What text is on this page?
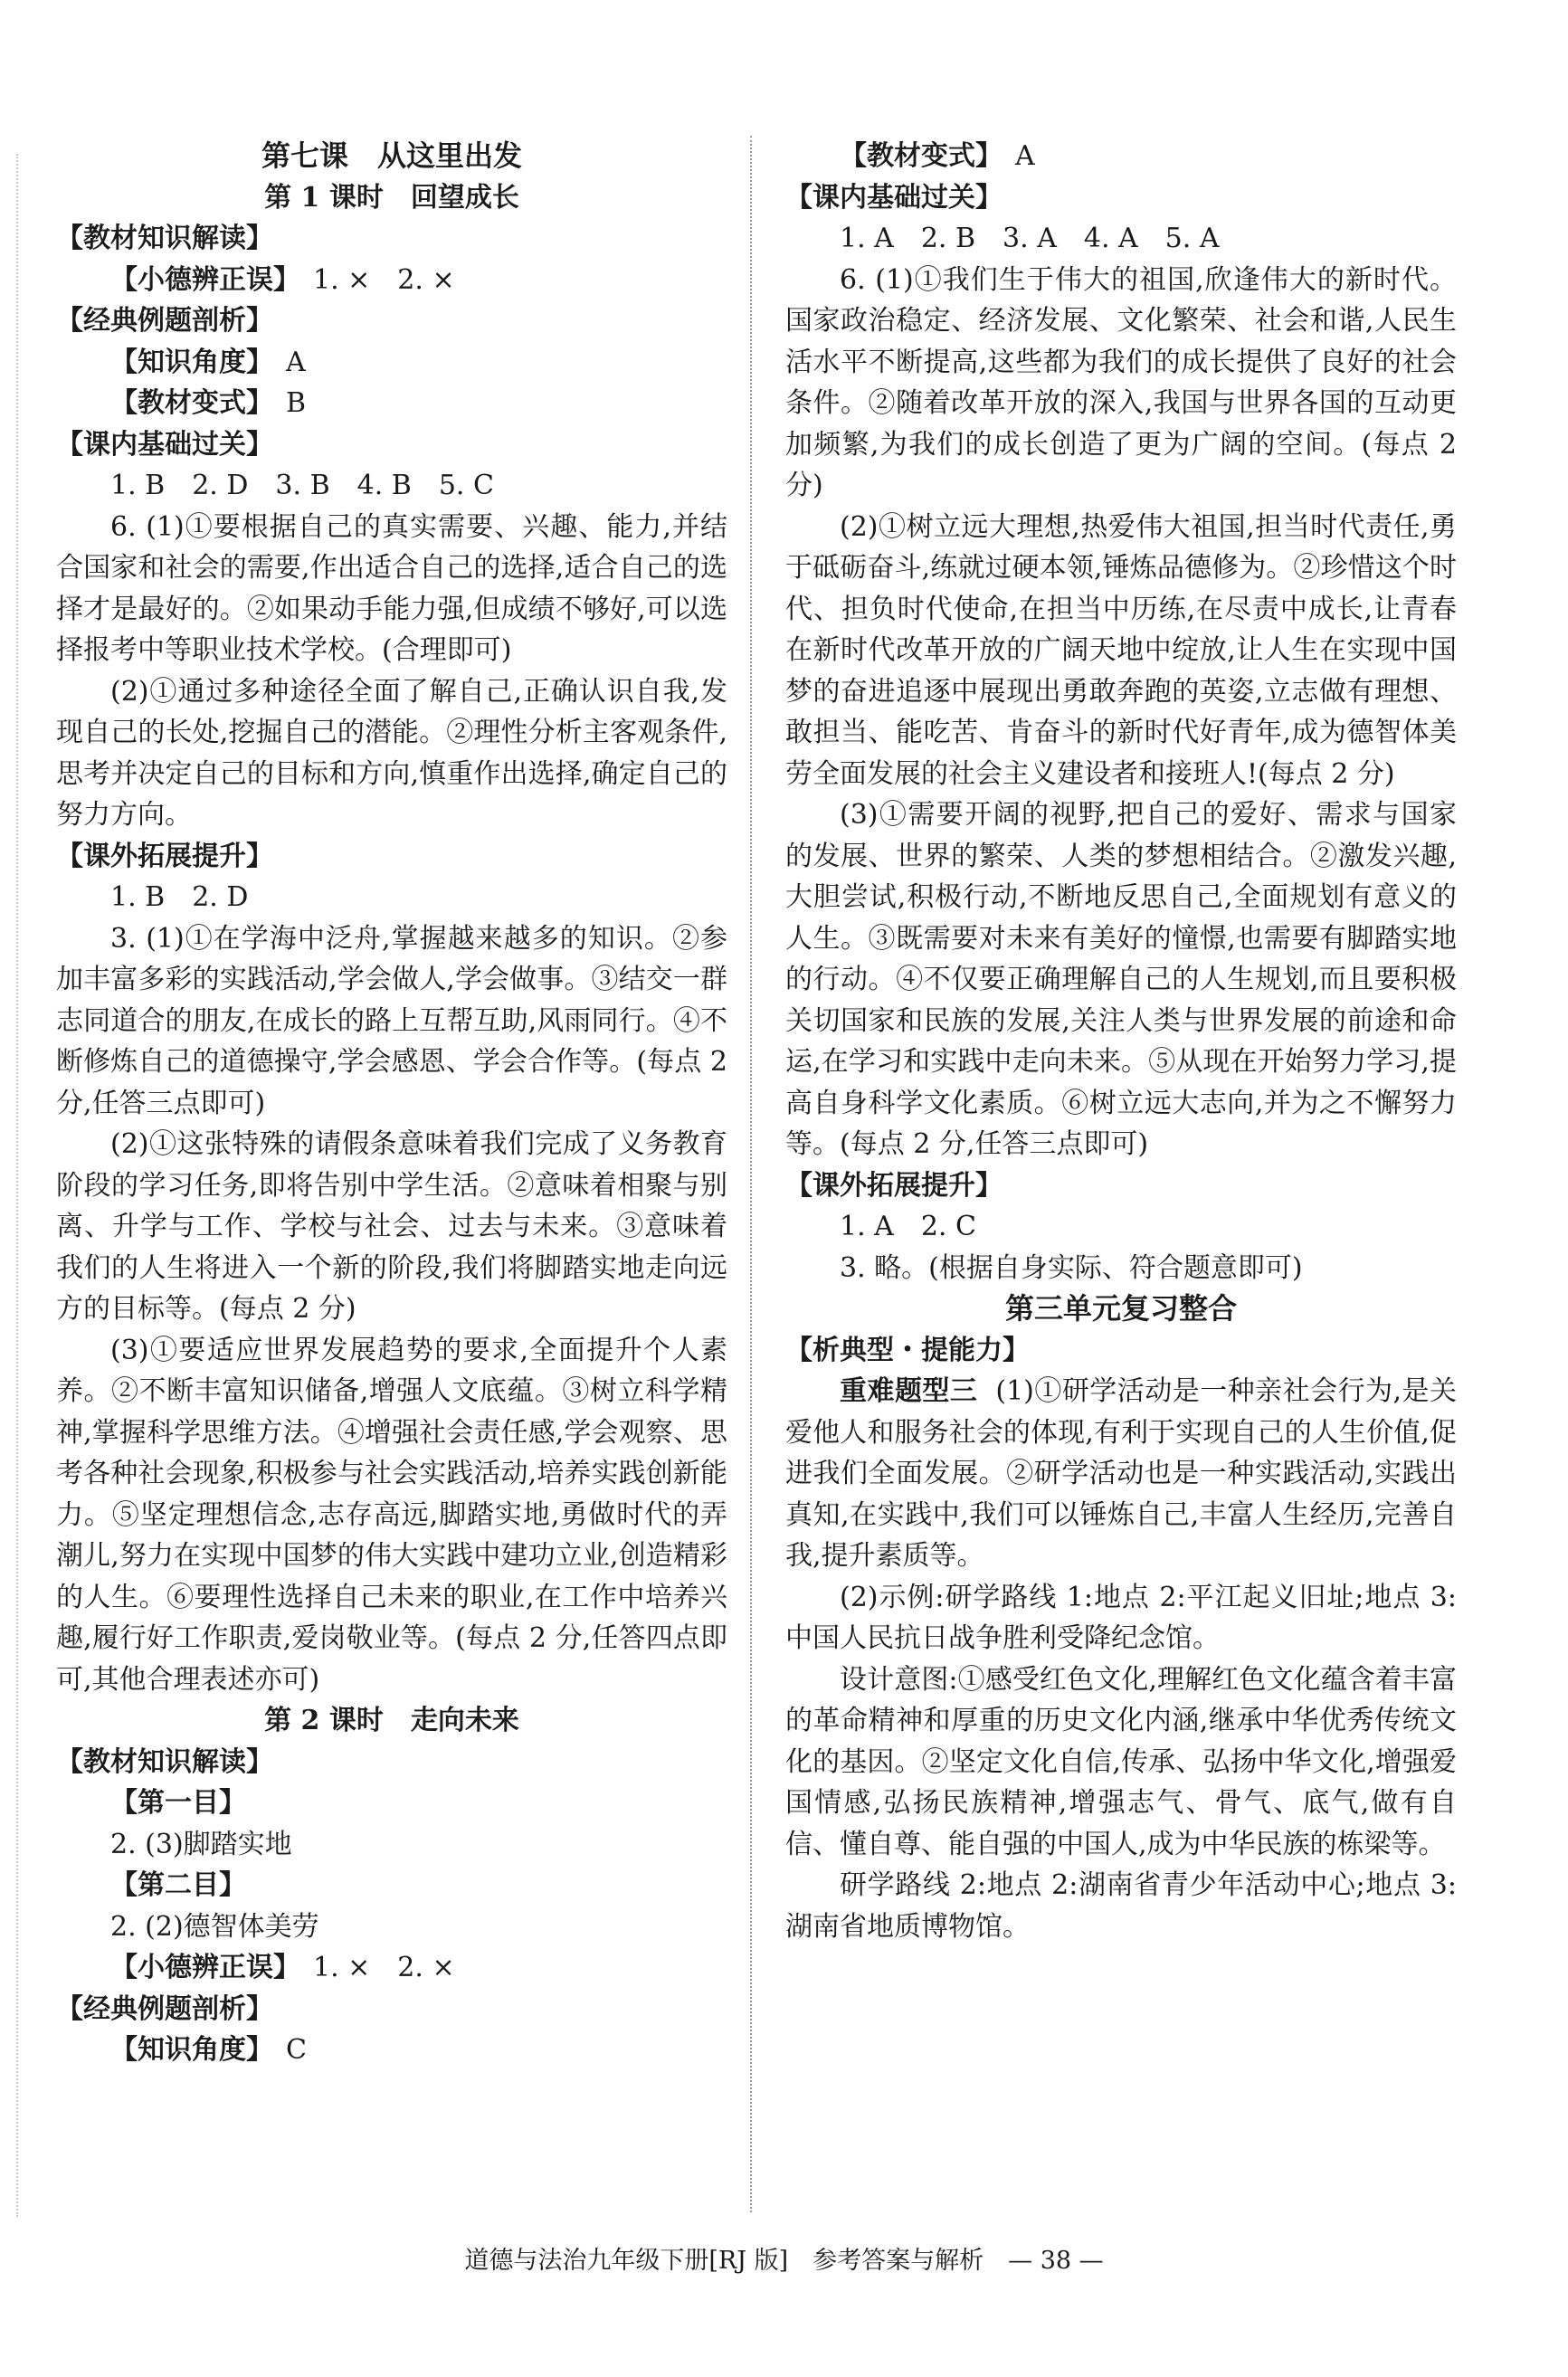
第七课　从这里出发

第 1 课时　回望成长

【教材知识解读】

【小德辨正误】 1. ×　2. ×

【经典例题剖析】

【知识角度】 A

【教材变式】 B

【课内基础过关】

1. B　2. D　3. B　4. B　5. C

6. (1)①要根据自己的真实需要、兴趣、能力,并结合国家和社会的需要,作出适合自己的选择,适合自己的选择才是最好的。②如果动手能力强,但成绩不够好,可以选择报考中等职业技术学校。(合理即可)

(2)①通过多种途径全面了解自己,正确认识自我,发现自己的长处,挖掘自己的潜能。②理性分析主客观条件,思考并决定自己的目标和方向,慎重作出选择,确定自己的努力方向。

【课外拓展提升】

1. B　2. D

3. (1)①在学海中泛舟,掌握越来越多的知识。②参加丰富多彩的实践活动,学会做人,学会做事。③结交一群志同道合的朋友,在成长的路上互帮互助,风雨同行。④不断修炼自己的道德操守,学会感恩、学会合作等。(每点 2 分,任答三点即可)

(2)①这张特殊的请假条意味着我们完成了义务教育阶段的学习任务,即将告别中学生活。②意味着相聚与别离、升学与工作、学校与社会、过去与未来。③意味着我们的人生将进入一个新的阶段,我们将脚踏实地走向远方的目标等。(每点 2 分)

(3)①要适应世界发展趋势的要求,全面提升个人素养。②不断丰富知识储备,增强人文底蕴。③树立科学精神,掌握科学思维方法。④增强社会责任感,学会观察、思考各种社会现象,积极参与社会实践活动,培养实践创新能力。⑤坚定理想信念,志存高远,脚踏实地,勇做时代的弄潮儿,努力在实现中国梦的伟大实践中建功立业,创造精彩的人生。⑥要理性选择自己未来的职业,在工作中培养兴趣,履行好工作职责,爱岗敬业等。(每点 2 分,任答四点即可,其他合理表述亦可)

第 2 课时　走向未来

【教材知识解读】

【第一目】

2. (3)脚踏实地

【第二目】

2. (2)德智体美劳

【小德辨正误】 1. ×　2. ×

【经典例题剖析】

【知识角度】 C

【教材变式】 A

【课内基础过关】

1. A　2. B　3. A　4. A　5. A

6. (1)①我们生于伟大的祖国,欣逢伟大的新时代。国家政治稳定、经济发展、文化繁荣、社会和谐,人民生活水平不断提高,这些都为我们的成长提供了良好的社会条件。②随着改革开放的深入,我国与世界各国的互动更加频繁,为我们的成长创造了更为广阔的空间。(每点 2 分)

(2)①树立远大理想,热爱伟大祖国,担当时代责任,勇于砥砺奋斗,练就过硬本领,锤炼品德修为。②珍惜这个时代、担负时代使命,在担当中历练,在尽责中成长,让青春在新时代改革开放的广阔天地中绽放,让人生在实现中国梦的奋进追逐中展现出勇敢奔跑的英姿,立志做有理想、敢担当、能吃苦、肯奋斗的新时代好青年,成为德智体美劳全面发展的社会主义建设者和接班人!(每点 2 分)

(3)①需要开阔的视野,把自己的爱好、需求与国家的发展、世界的繁荣、人类的梦想相结合。②激发兴趣,大胆尝试,积极行动,不断地反思自己,全面规划有意义的人生。③既需要对未来有美好的憧憬,也需要有脚踏实地的行动。④不仅要正确理解自己的人生规划,而且要积极关切国家和民族的发展,关注人类与世界发展的前途和命运,在学习和实践中走向未来。⑤从现在开始努力学习,提高自身科学文化素质。⑥树立远大志向,并为之不懈努力等。(每点 2 分,任答三点即可)

【课外拓展提升】

1. A　2. C

3. 略。(根据自身实际、符合题意即可)

第三单元复习整合

【析典型・提能力】

重难题型三 (1)①研学活动是一种亲社会行为,是关爱他人和服务社会的体现,有利于实现自己的人生价值,促进我们全面发展。②研学活动也是一种实践活动,实践出真知,在实践中,我们可以锤炼自己,丰富人生经历,完善自我,提升素质等。

(2)示例:研学路线 1:地点 2:平江起义旧址;地点 3:中国人民抗日战争胜利受降纪念馆。

设计意图:①感受红色文化,理解红色文化蕴含着丰富的革命精神和厚重的历史文化内涵,继承中华优秀传统文化的基因。②坚定文化自信,传承、弘扬中华文化,增强爱国情感,弘扬民族精神,增强志气、骨气、底气,做有自信、懂自尊、能自强的中国人,成为中华民族的栋梁等。

研学路线 2:地点 2:湖南省青少年活动中心;地点 3:湖南省地质博物馆。

道德与法治九年级下册[RJ 版]　参考答案与解析　— 38 —
